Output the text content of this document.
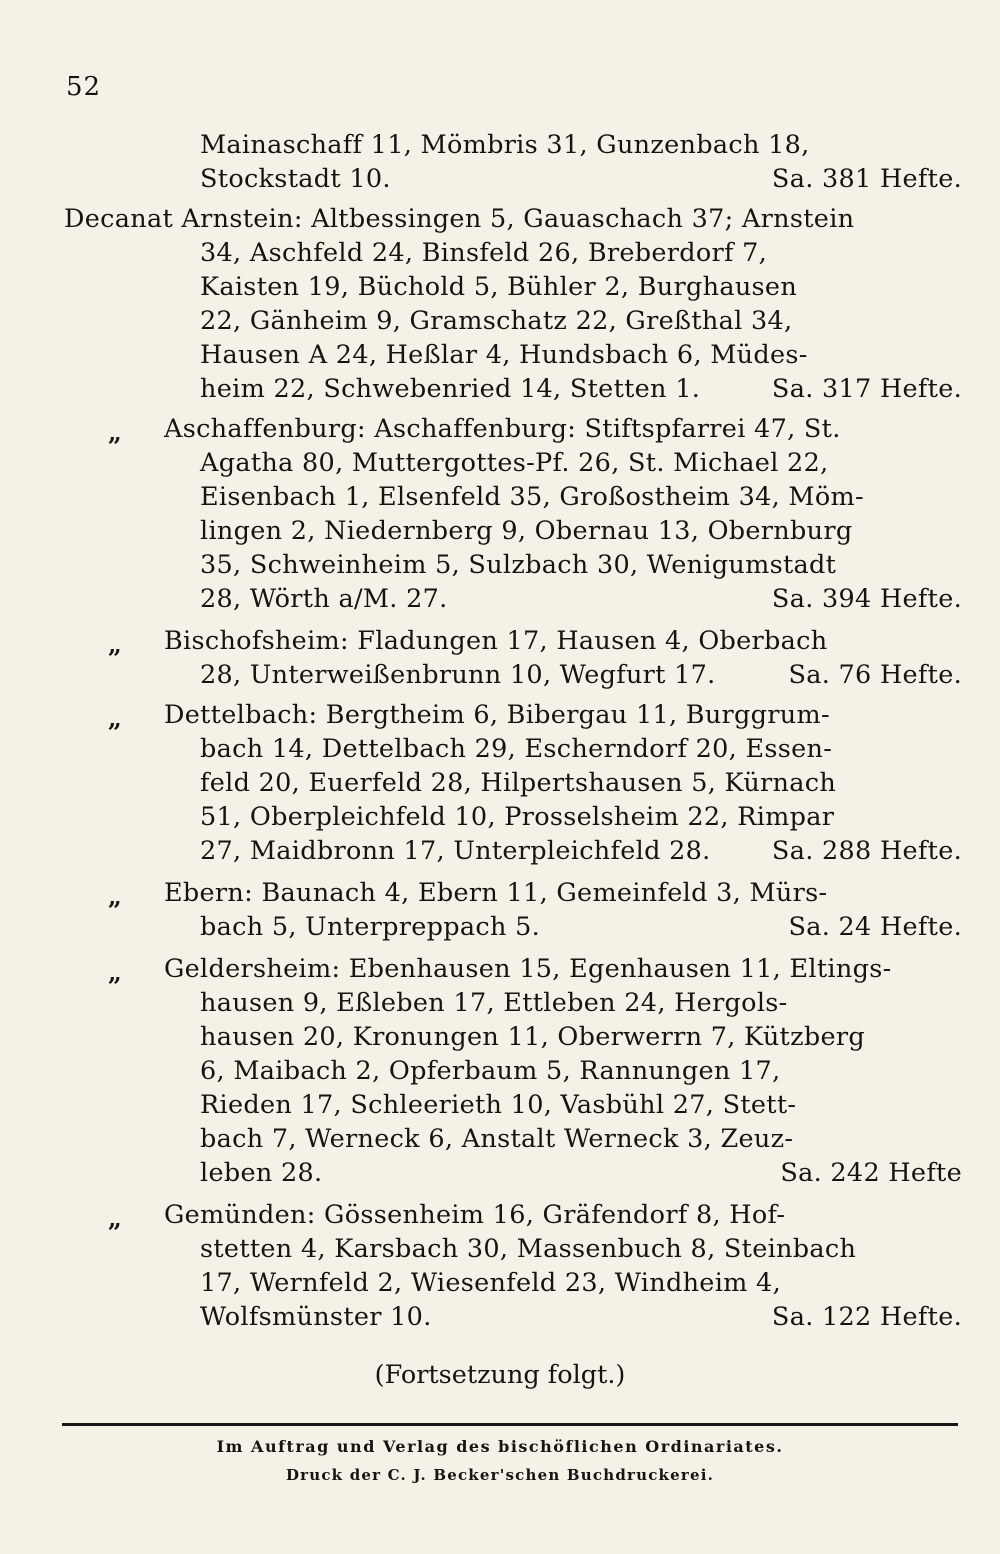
52
Mainaschaff 11, Mömbris 31, Gunzenbach 18,
Stockstadt 10.	Sa. 381 Hefte.
Decanat Arnstein: Altbessingen 5, Gauaschach 37; Arnstein
34, Aschfeld 24, Binsfeld 26, Breberdorf 7,
Kaisten 19, Büchold 5, Bühler 2, Burghausen
22, Gänheim 9, Gramschatz 22, Greßthal 34,
Hausen A 24, Heßlar 4, Hundsbach 6, Müdes-
heim 22, Schwebenried 14, Stetten 1.	Sa. 317 Hefte.
„ Aschaffenburg: Aschaffenburg: Stiftspfarrei 47, St.
Agatha 80, Muttergottes-Pf. 26, St. Michael 22,
Eisenbach 1, Elsenfeld 35, Großostheim 34, Möm-
lingen 2, Niedernberg 9, Obernau 13, Obernburg
35, Schweinheim 5, Sulzbach 30, Wenigumstadt
28, Wörth a/M. 27.	Sa. 394 Hefte.
„ Bischofsheim: Fladungen 17, Hausen 4, Oberbach
28, Unterweißenbrunn 10, Wegfurt 17.	Sa. 76 Hefte.
„ Dettelbach: Bergtheim 6, Bibergau 11, Burggrum-
bach 14, Dettelbach 29, Escherndorf 20, Essen-
feld 20, Euerfeld 28, Hilpertshausen 5, Kürnach
51, Oberpleichfeld 10, Prosselsheim 22, Rimpar
27, Maidbronn 17, Unterpleichfeld 28. Sa. 288 Hefte.
„ Ebern: Baunach 4, Ebern 11, Gemeinfeld 3, Mürs-
bach 5, Unterpreppach 5.	Sa. 24 Hefte.
„ Geldersheim: Ebenhausen 15, Egenhausen 11, Eltings-
hausen 9, Eßleben 17, Ettleben 24, Hergols-
hausen 20, Kronungen 11, Oberwerrn 7, Kützberg
6, Maibach 2, Opferbaum 5, Rannungen 17,
Rieden 17, Schleerieth 10, Vasbühl 27, Stett-
bach 7, Werneck 6, Anstalt Werneck 3, Zeuz-
leben 28.	Sa. 242 Hefte
„ Gemünden: Gössenheim 16, Gräfendorf 8, Hof-
stetten 4, Karsbach 30, Massenbuch 8, Steinbach
17, Wernfeld 2, Wiesenfeld 23, Windheim 4,
Wolfsmünster 10.	Sa. 122 Hefte.
(Fortsetzung folgt.)
Im Auftrag und Verlag des bischöflichen Ordinariates.
Druck der C. J. Becker'schen Buchdruckerei.
